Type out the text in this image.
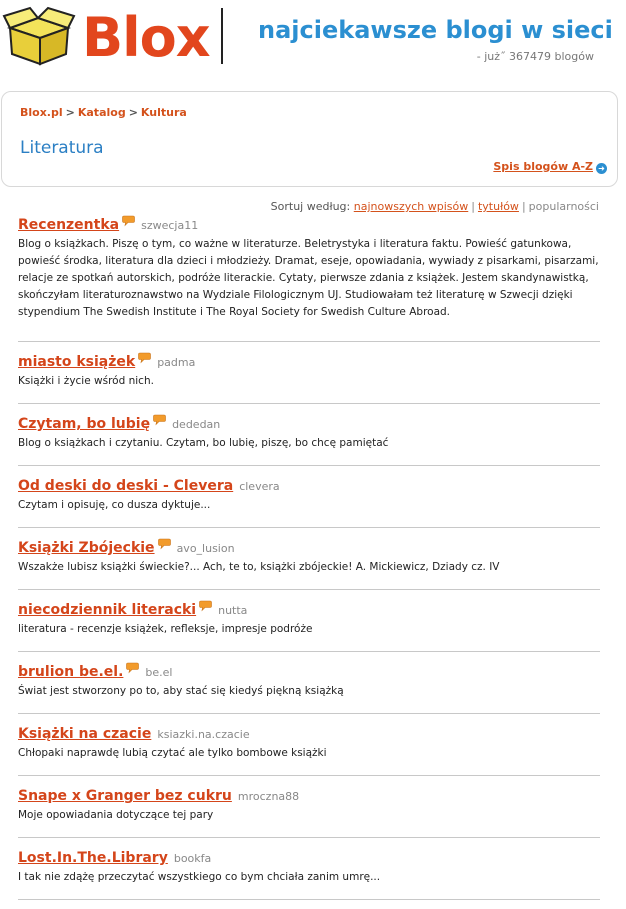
Blox najciekawsze blogi w sieci
- już˝ 367479 blogów
Blox.pl > Katalog > Kultura
Literatura
Spis blogów A-Z ➜
Sortuj według: najnowszych wpisów | tytułów | popularności
Recenzentka szwecja11
Blog o książkach. Piszę o tym, co ważne w literaturze. Beletrystyka i literatura faktu. Powieść gatunkowa, powieść środka, literatura dla dzieci i młodzieży. Dramat, eseje, opowiadania, wywiady z pisarkami, pisarzami, relacje ze spotkań autorskich, podróże literackie. Cytaty, pierwsze zdania z książek. Jestem skandynawistką, skończyłam literaturoznawstwo na Wydziale Filologicznym UJ. Studiowałam też literaturę w Szwecji dzięki stypendium The Swedish Institute i The Royal Society for Swedish Culture Abroad.
miasto książek padma
Książki i życie wśród nich.
Czytam, bo lubię dededan
Blog o książkach i czytaniu. Czytam, bo lubię, piszę, bo chcę pamiętać
Od deski do deski - Clevera clevera
Czytam i opisuję, co dusza dyktuje...
Książki Zbójeckie avo_lusion
Wszakże lubisz książki świeckie?... Ach, te to, książki zbójeckie! A. Mickiewicz, Dziady cz. IV
niecodziennik literacki nutta
literatura - recenzje książek, refleksje, impresje podróże
brulion be.el. be.el
Świat jest stworzony po to, aby stać się kiedyś piękną książką
Książki na czacie ksiazki.na.czacie
Chłopaki naprawdę lubią czytać ale tylko bombowe książki
Snape x Granger bez cukru mroczna88
Moje opowiadania dotyczące tej pary
Lost.In.The.Library bookfa
I tak nie zdążę przeczytać wszystkiego co bym chciała zanim umrę...
